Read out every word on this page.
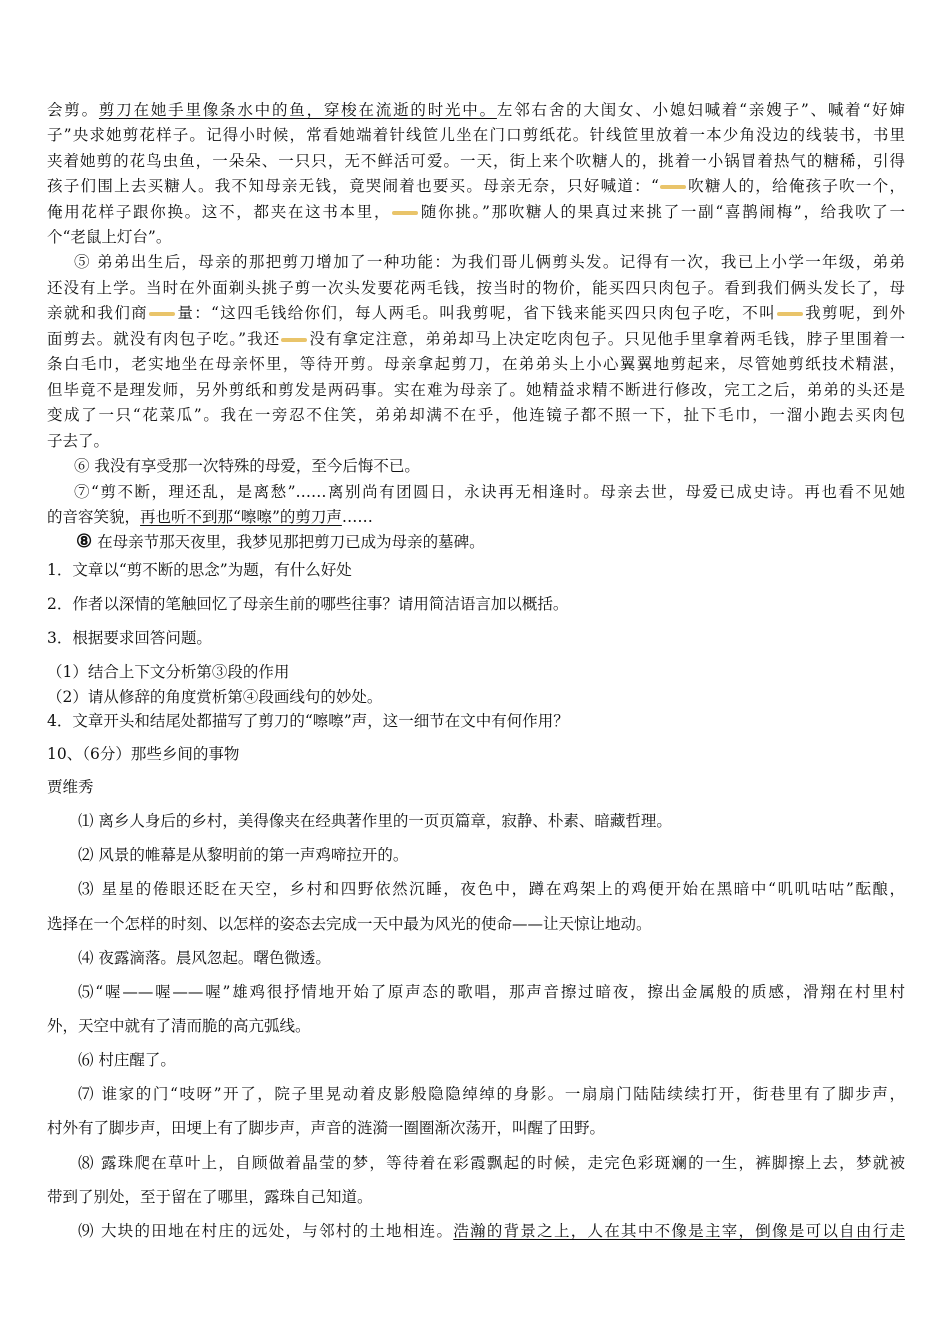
会剪。剪刀在她手里像条水中的鱼，穿梭在流逝的时光中。左邻右舍的大闺女、小媳妇喊着“亲嫂子”、喊着“好婶
子”央求她剪花样子。记得小时候，常看她端着针线笸儿坐在门口剪纸花。针线笸里放着一本少角没边的线装书，书里
夹着她剪的花鸟虫鱼，一朵朵、一只只，无不鲜活可爱。一天，街上来个吹糖人的，挑着一小锅冒着热气的糖稀，引得
孩子们围上去买糖人。我不知母亲无钱，竟哭闹着也要买。母亲无奈，只好喊道：“ 吹糖人的，给俺孩子吹一个，
俺用花样子跟你换。这不，都夹在这书本里， 随你挑。”那吹糖人的果真过来挑了一副“喜鹊闹梅”，给我吹了一
个“老鼠上灯台”。
⑤ 弟弟出生后，母亲的那把剪刀增加了一种功能：为我们哥儿俩剪头发。记得有一次，我已上小学一年级，弟弟
还没有上学。当时在外面剃头挑子剪一次头发要花两毛钱，按当时的物价，能买四只肉包子。看到我们俩头发长了，母
亲就和我们商 量：“这四毛钱给你们，每人两毛。叫我剪呢，省下钱来能买四只肉包子吃，不叫 我剪呢，到外
面剪去。就没有肉包子吃。”我还 没有拿定注意，弟弟却马上决定吃肉包子。只见他手里拿着两毛钱，脖子里围着一
条白毛巾，老实地坐在母亲怀里，等待开剪。母亲拿起剪刀，在弟弟头上小心翼翼地剪起来，尽管她剪纸技术精湛，
但毕竟不是理发师，另外剪纸和剪发是两码事。实在难为母亲了。她精益求精不断进行修改，完工之后，弟弟的头还是
变成了一只“花菜瓜”。我在一旁忍不住笑，弟弟却满不在乎，他连镜子都不照一下，扯下毛巾，一溜小跑去买肉包
子去了。
⑥ 我没有享受那一次特殊的母爱，至今后悔不已。
⑦“剪不断，理还乱，是离愁”……离别尚有团圆日，永诀再无相逢时。母亲去世，母爱已成史诗。再也看不见她
的音容笑貌，再也听不到那“嚓嚓”的剪刀声……
⑧ 在母亲节那天夜里，我梦见那把剪刀已成为母亲的墓碑。
1．文章以“剪不断的思念”为题，有什么好处
2．作者以深情的笔触回忆了母亲生前的哪些往事？请用简洁语言加以概括。
3．根据要求回答问题。
（1）结合上下文分析第③段的作用
（2）请从修辞的角度赏析第④段画线句的妙处。
4．文章开头和结尾处都描写了剪刀的“嚓嚓”声，这一细节在文中有何作用？
10、（6分）那些乡间的事物
贾维秀
⑴ 离乡人身后的乡村，美得像夹在经典著作里的一页页篇章，寂静、朴素、暗藏哲理。
⑵ 风景的帷幕是从黎明前的第一声鸡啼拉开的。
⑶ 星星的倦眼还眨在天空，乡村和四野依然沉睡，夜色中，蹲在鸡架上的鸡便开始在黑暗中“叽叽咕咕”酝酿，
选择在一个怎样的时刻、以怎样的姿态去完成一天中最为风光的使命——让天惊让地动。
⑷ 夜露滴落。晨风忽起。曙色微透。
⑸“喔——喔——喔”雄鸡很抒情地开始了原声态的歌唱，那声音擦过暗夜，擦出金属般的质感，滑翔在村里村
外，天空中就有了清而脆的高亢弧线。
⑹ 村庄醒了。
⑺ 谁家的门“吱呀”开了，院子里晃动着皮影般隐隐绰绰的身影。一扇扇门陆陆续续打开，街巷里有了脚步声，
村外有了脚步声，田埂上有了脚步声，声音的涟漪一圈圈渐次荡开，叫醒了田野。
⑻ 露珠爬在草叶上，自顾做着晶莹的梦，等待着在彩霞飘起的时候，走完色彩斑斓的一生，裤脚擦上去，梦就被
带到了别处，至于留在了哪里，露珠自己知道。
⑼ 大块的田地在村庄的远处，与邻村的土地相连。浩瀚的背景之上，人在其中不像是主宰，倒像是可以自由行走
